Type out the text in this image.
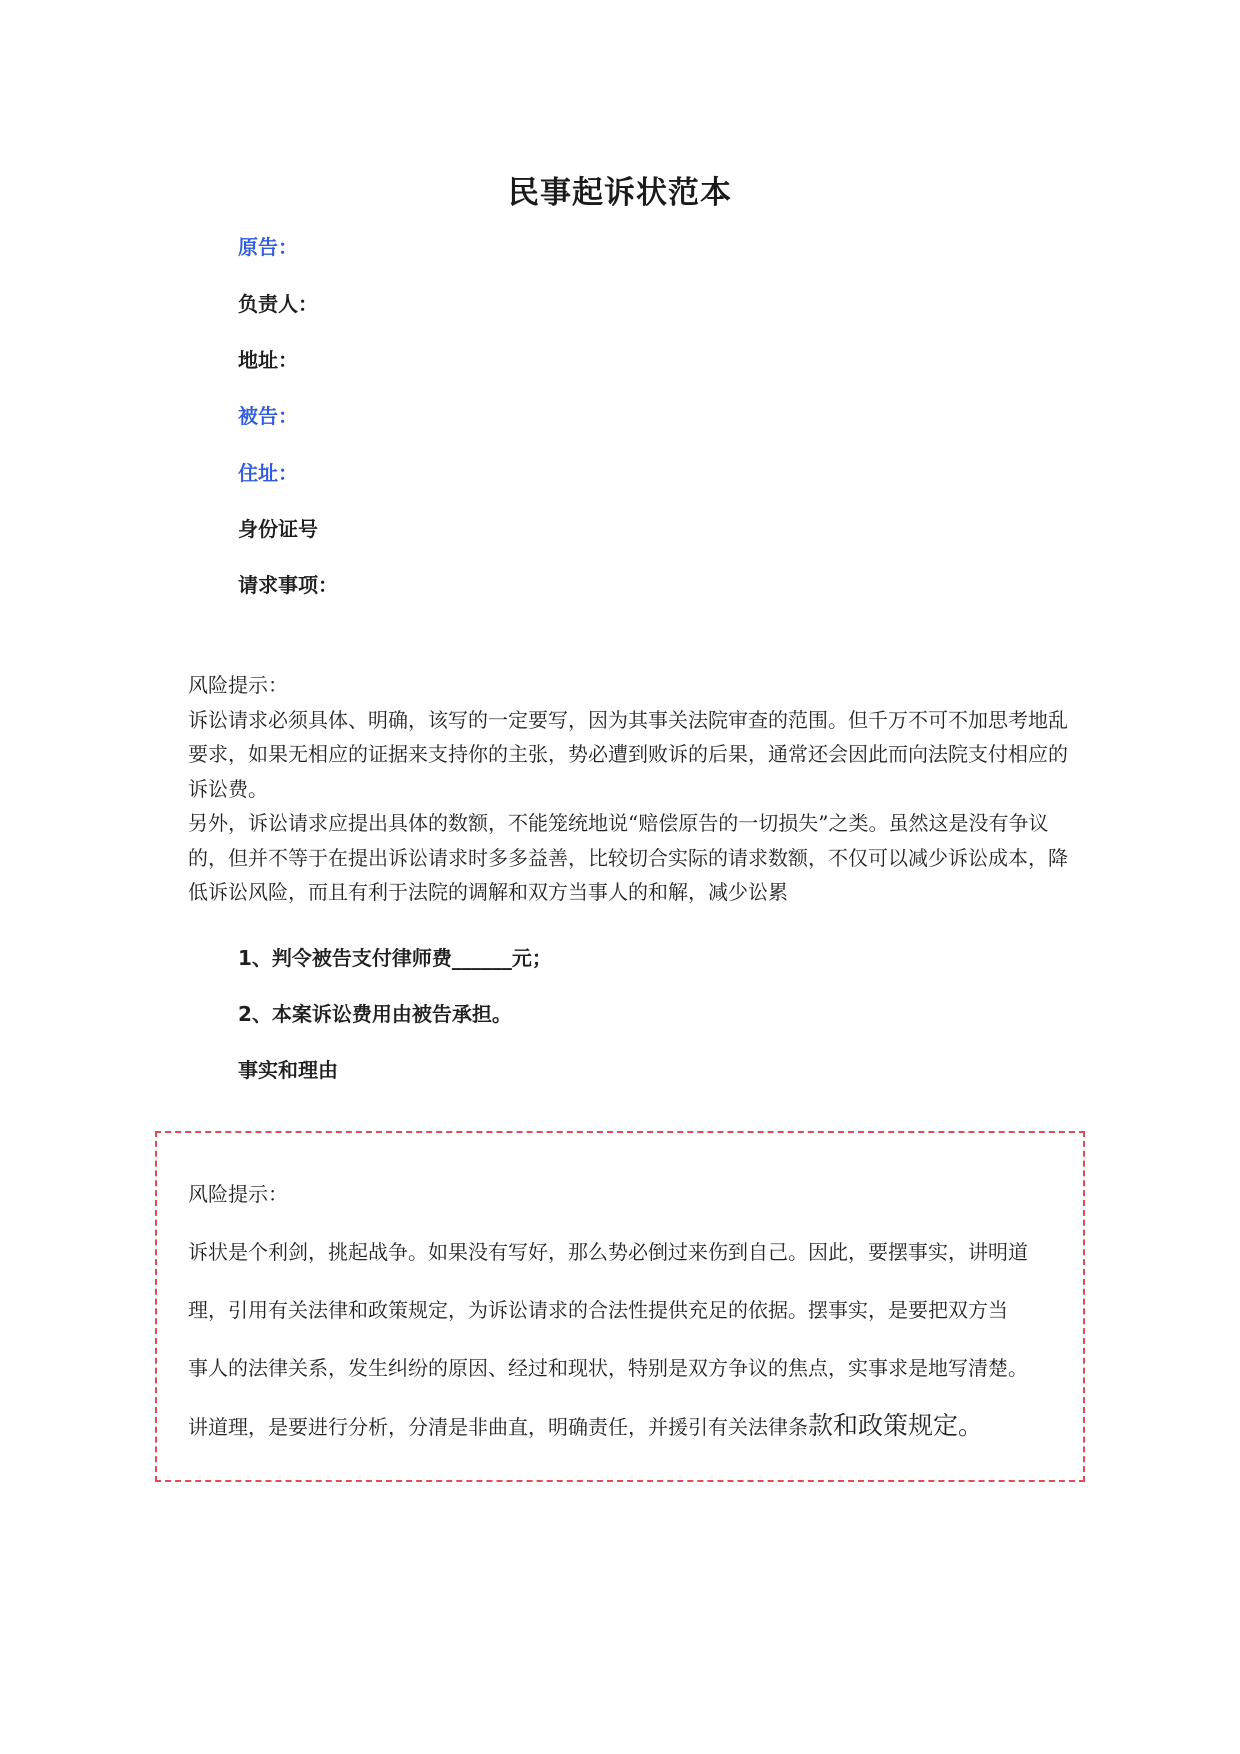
民事起诉状范本
原告：
负责人：
地址：
被告：
住址：
身份证号
请求事项：

风险提示：

诉讼请求必须具体、明确，该写的一定要写，因为其事关法院审查的范围。但千万不可不加思考地乱要求，如果无相应的证据来支持你的主张，势必遭到败诉的后果，通常还会因此而向法院支付相应的诉讼费。

另外，诉讼请求应提出具体的数额，不能笼统地说“赔偿原告的一切损失”之类。虽然这是没有争议的，但并不等于在提出诉讼请求时多多益善，比较切合实际的请求数额，不仅可以减少诉讼成本，降低诉讼风险，而且有利于法院的调解和双方当事人的和解，减少讼累

1、判令被告支付律师费______元；
2、本案诉讼费用由被告承担。
事实和理由

风险提示：

诉状是个利剑，挑起战争。如果没有写好，那么势必倒过来伤到自己。因此，要摆事实，讲明道

理，引用有关法律和政策规定，为诉讼请求的合法性提供充足的依据。摆事实，是要把双方当

事人的法律关系，发生纠纷的原因、经过和现状，特别是双方争议的焦点，实事求是地写清楚。

讲道理，是要进行分析，分清是非曲直，明确责任，并援引有关法律条款和政策规定。
